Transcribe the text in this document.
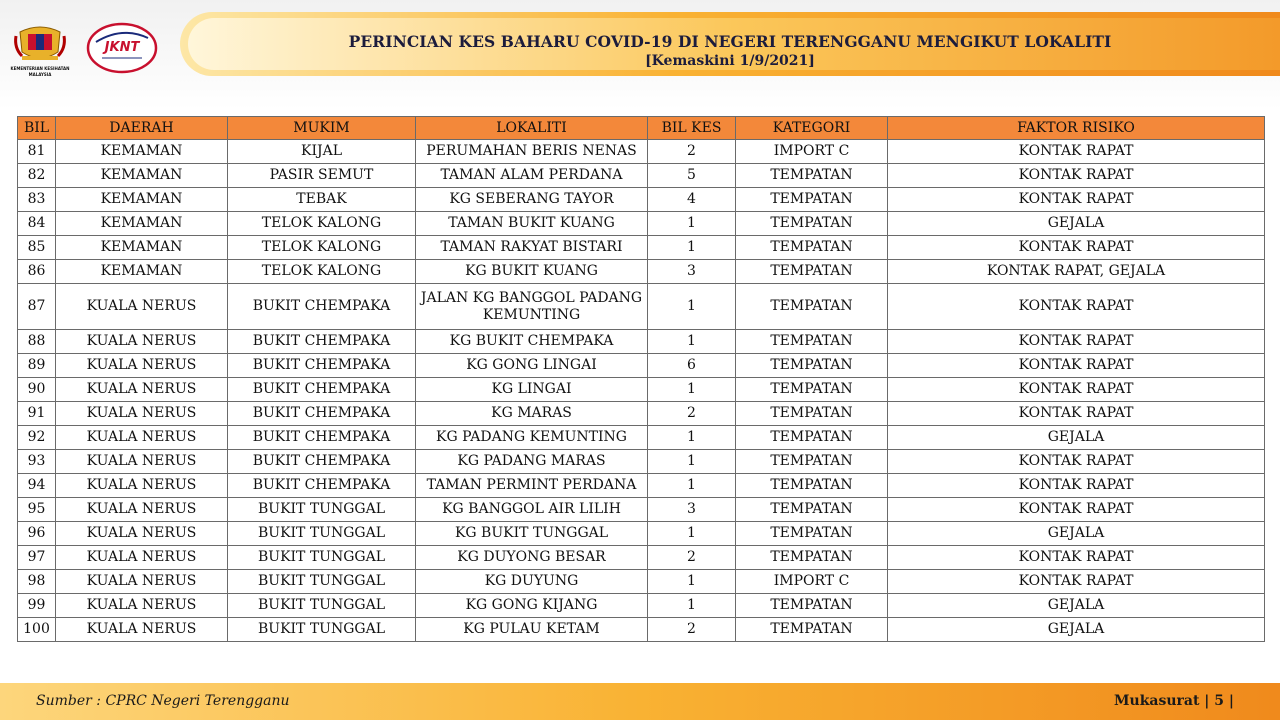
KEMENTERIAN KESIHATAN
MALAYSIA
JKNT	PERINCIAN KES BAHARU COVID-19 DI NEGERI TERENGGANU MENGIKUT LOKALITI
[Kemaskini 1/9/2021]
BIL	DAERAH	MUKIM	LOKALITI	BIL KES	KATEGORI	FAKTOR RISIKO
81	KEMAMAN	KIJAL	PERUMAHAN BERIS NENAS	2	IMPORT C	KONTAK RAPAT
82	KEMAMAN	PASIR SEMUT	TAMAN ALAM PERDANA	5	TEMPATAN	KONTAK RAPAT
83	KEMAMAN	TEBAK	KG SEBERANG TAYOR	4	TEMPATAN	KONTAK RAPAT
84	KEMAMAN	TELOK KALONG	TAMAN BUKIT KUANG	1	TEMPATAN	GEJALA
85	KEMAMAN	TELOK KALONG	TAMAN RAKYAT BISTARI	1	TEMPATAN	KONTAK RAPAT
86	KEMAMAN	TELOK KALONG	KG BUKIT KUANG	3	TEMPATAN	KONTAK RAPAT, GEJALA
87	KUALA NERUS	BUKIT CHEMPAKA	JALAN KG BANGGOL PADANG KEMUNTING	1	TEMPATAN	KONTAK RAPAT
88	KUALA NERUS	BUKIT CHEMPAKA	KG BUKIT CHEMPAKA	1	TEMPATAN	KONTAK RAPAT
89	KUALA NERUS	BUKIT CHEMPAKA	KG GONG LINGAI	6	TEMPATAN	KONTAK RAPAT
90	KUALA NERUS	BUKIT CHEMPAKA	KG LINGAI	1	TEMPATAN	KONTAK RAPAT
91	KUALA NERUS	BUKIT CHEMPAKA	KG MARAS	2	TEMPATAN	KONTAK RAPAT
92	KUALA NERUS	BUKIT CHEMPAKA	KG PADANG KEMUNTING	1	TEMPATAN	GEJALA
93	KUALA NERUS	BUKIT CHEMPAKA	KG PADANG MARAS	1	TEMPATAN	KONTAK RAPAT
94	KUALA NERUS	BUKIT CHEMPAKA	TAMAN PERMINT PERDANA	1	TEMPATAN	KONTAK RAPAT
95	KUALA NERUS	BUKIT TUNGGAL	KG BANGGOL AIR LILIH	3	TEMPATAN	KONTAK RAPAT
96	KUALA NERUS	BUKIT TUNGGAL	KG BUKIT TUNGGAL	1	TEMPATAN	GEJALA
97	KUALA NERUS	BUKIT TUNGGAL	KG DUYONG BESAR	2	TEMPATAN	KONTAK RAPAT
98	KUALA NERUS	BUKIT TUNGGAL	KG DUYUNG	1	IMPORT C	KONTAK RAPAT
99	KUALA NERUS	BUKIT TUNGGAL	KG GONG KIJANG	1	TEMPATAN	GEJALA
100	KUALA NERUS	BUKIT TUNGGAL	KG PULAU KETAM	2	TEMPATAN	GEJALA
Sumber : CPRC Negeri Terengganu	Mukasurat | 5 |
